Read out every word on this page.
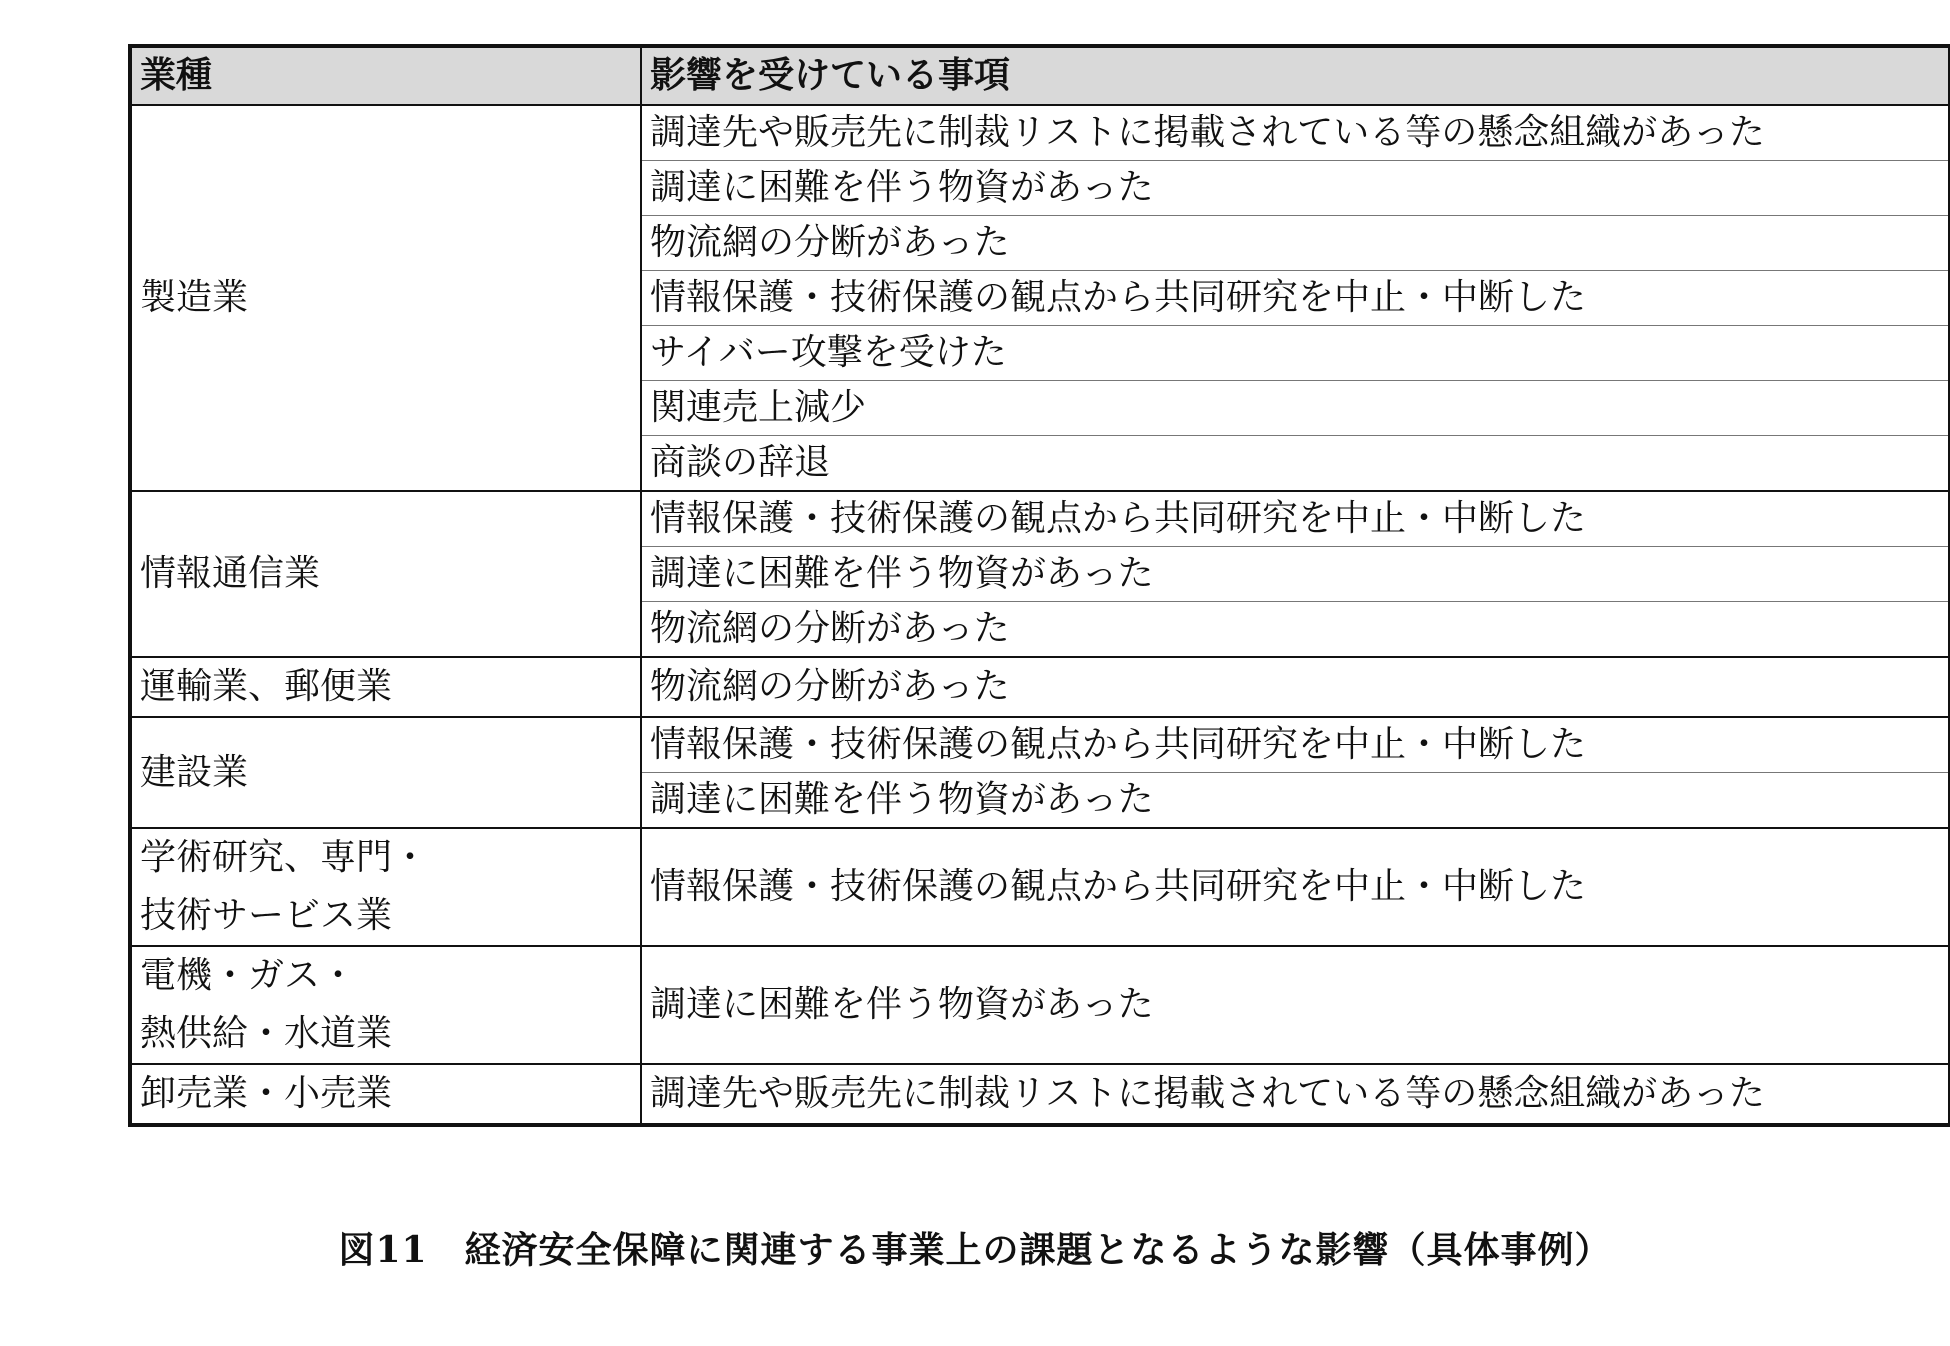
業種	影響を受けている事項

製造業	調達先や販売先に制裁リストに掲載されている等の懸念組織があった
	調達に困難を伴う物資があった
	物流網の分断があった
	情報保護・技術保護の観点から共同研究を中止・中断した
	サイバー攻撃を受けた
	関連売上減少
	商談の辞退

情報通信業	情報保護・技術保護の観点から共同研究を中止・中断した
	調達に困難を伴う物資があった
	物流網の分断があった

運輸業、郵便業	物流網の分断があった

建設業	情報保護・技術保護の観点から共同研究を中止・中断した
	調達に困難を伴う物資があった

学術研究、専門・
技術サービス業	情報保護・技術保護の観点から共同研究を中止・中断した

電機・ガス・
熱供給・水道業	調達に困難を伴う物資があった

卸売業・小売業	調達先や販売先に制裁リストに掲載されている等の懸念組織があった
図11　経済安全保障に関連する事業上の課題となるような影響（具体事例）
